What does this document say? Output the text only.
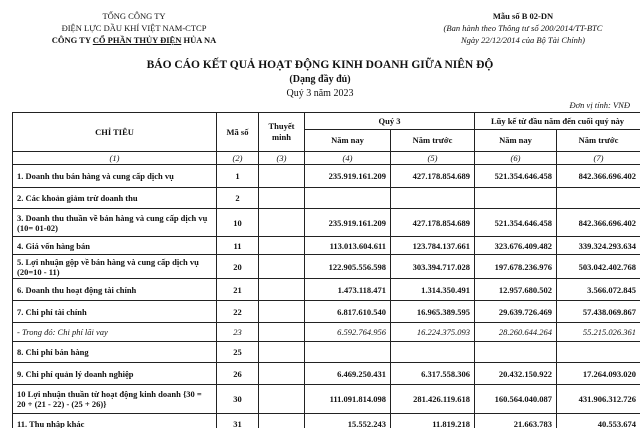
TỔNG CÔNG TY
ĐIỆN LỰC DẦU KHÍ VIỆT NAM-CTCP
CÔNG TY CỔ PHẦN THỦY ĐIỆN HỦA NA
Mẫu số B 02-DN
(Ban hành theo Thông tư số 200/2014/TT-BTC
Ngày 22/12/2014 của Bộ Tài Chính)
BÁO CÁO KẾT QUẢ HOẠT ĐỘNG KINH DOANH GIỮA NIÊN ĐỘ
(Dạng đầy đủ)
Quý 3 năm 2023
Đơn vị tính: VNĐ
CHỈ TIÊU	Mã số	Thuyết minh	Quý 3		Lũy kế từ đầu năm đến cuối quý này	
			Năm nay	Năm trước	Năm nay	Năm trước
(1)	(2)	(3)	(4)	(5)	(6)	(7)
1. Doanh thu bán hàng và cung cấp dịch vụ	1		235.919.161.209	427.178.854.689	521.354.646.458	842.366.696.402
2. Các khoản giảm trừ doanh thu	2					
3. Doanh thu thuần về bán hàng và cung cấp dịch vụ (10= 01-02)	10		235.919.161.209	427.178.854.689	521.354.646.458	842.366.696.402
4. Giá vốn hàng bán	11		113.013.604.611	123.784.137.661	323.676.409.482	339.324.293.634
5. Lợi nhuận gộp về bán hàng và cung cấp dịch vụ (20=10 - 11)	20		122.905.556.598	303.394.717.028	197.678.236.976	503.042.402.768
6. Doanh thu hoạt động tài chính	21		1.473.118.471	1.314.350.491	12.957.680.502	3.566.072.845
7. Chi phí tài chính	22		6.817.610.540	16.965.389.595	29.639.726.469	57.438.069.867
- Trong đó: Chi phí lãi vay	23		6.592.764.956	16.224.375.093	28.260.644.264	55.215.026.361
8. Chi phí bán hàng	25					
9. Chi phí quản lý doanh nghiệp	26		6.469.250.431	6.317.558.306	20.432.150.922	17.264.093.020
10 Lợi nhuận thuần từ hoạt động kinh doanh {30 = 20 + (21 - 22) - (25 + 26)}	30		111.091.814.098	281.426.119.618	160.564.040.087	431.906.312.726
11. Thu nhập khác	31		15.552.243	11.819.218	21.663.783	40.553.674
